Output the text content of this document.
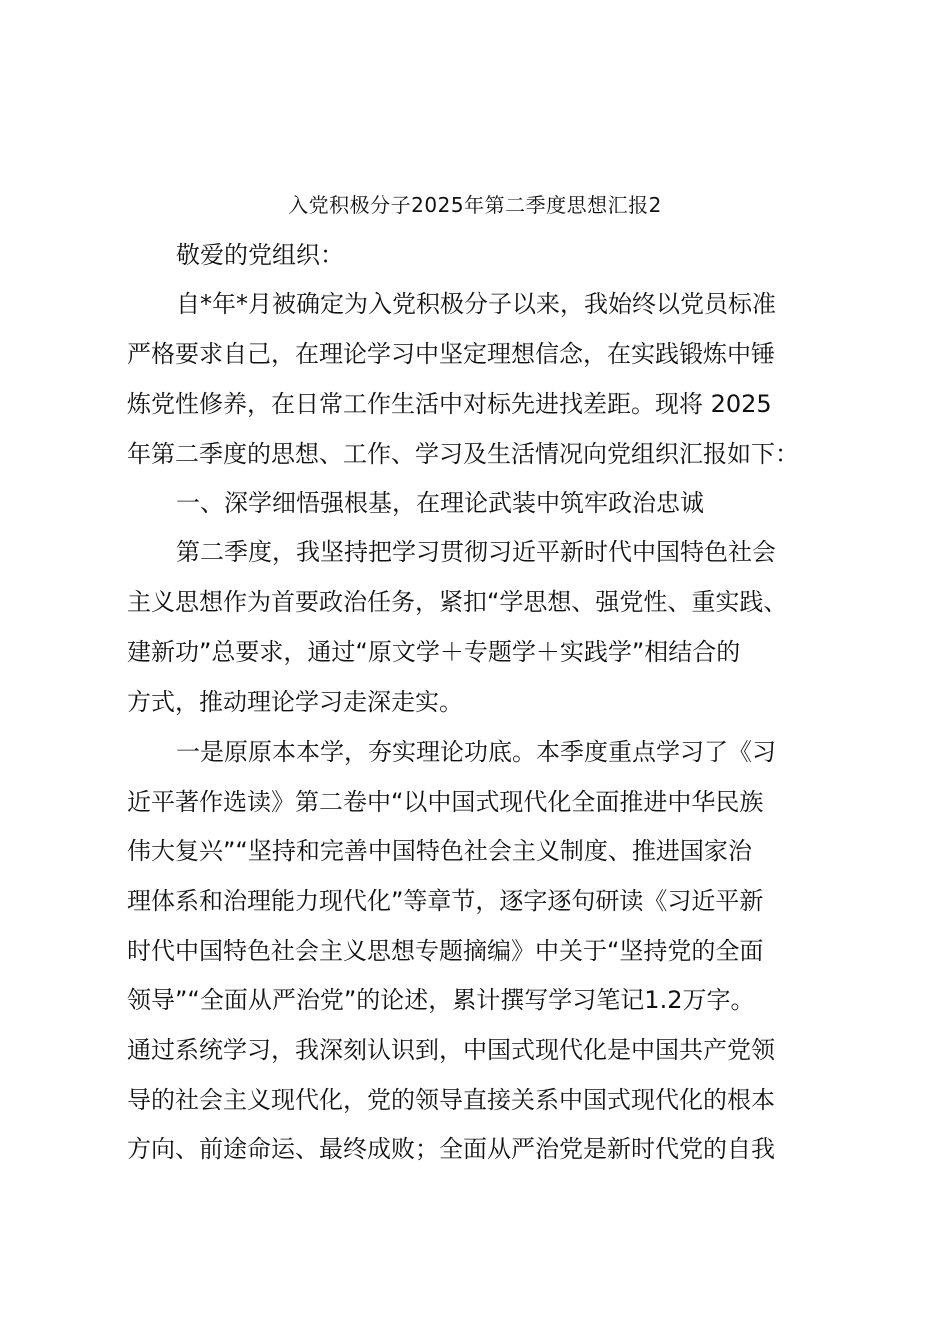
入党积极分子2025年第二季度思想汇报2
敬爱的党组织：
自*年*月被确定为入党积极分子以来，我始终以党员标准
严格要求自己，在理论学习中坚定理想信念，在实践锻炼中锤
炼党性修养，在日常工作生活中对标先进找差距。现将 2025
年第二季度的思想、工作、学习及生活情况向党组织汇报如下：
一、深学细悟强根基，在理论武装中筑牢政治忠诚
第二季度，我坚持把学习贯彻习近平新时代中国特色社会
主义思想作为首要政治任务，紧扣“学思想、强党性、重实践、
建新功”总要求，通过“原文学＋专题学＋实践学”相结合的
方式，推动理论学习走深走实。
一是原原本本学，夯实理论功底。本季度重点学习了《习
近平著作选读》第二卷中“以中国式现代化全面推进中华民族
伟大复兴”“坚持和完善中国特色社会主义制度、推进国家治
理体系和治理能力现代化”等章节，逐字逐句研读《习近平新
时代中国特色社会主义思想专题摘编》中关于“坚持党的全面
领导”“全面从严治党”的论述，累计撰写学习笔记1.2万字。
通过系统学习，我深刻认识到，中国式现代化是中国共产党领
导的社会主义现代化，党的领导直接关系中国式现代化的根本
方向、前途命运、最终成败；全面从严治党是新时代党的自我
